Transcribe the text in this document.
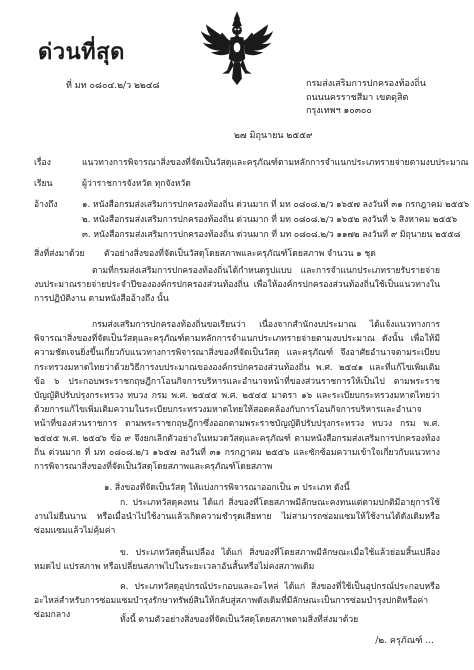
ด่วนที่สุด
ที่ มท ๐๘๐๔.๒/ว ๒๒๔๘	กรมส่งเสริมการปกครองท้องถิ่น
ถนนนครราชสีมา เขตดุสิต
กรุงเทพฯ ๑๐๓๐๐
๒๗ มิถุนายน ๒๕๕๙
เรื่อง	แนวทางการพิจารณาสิ่งของที่จัดเป็นวัสดุและครุภัณฑ์ตามหลักการจำแนกประเภทรายจ่ายตามงบประมาณ
เรียน	ผู้ว่าราชการจังหวัด ทุกจังหวัด
อ้างถึง	๑. หนังสือกรมส่งเสริมการปกครองท้องถิ่น ด่วนมาก ที่ มท ๐๘๐๘.๒/ว ๑๖๕๗ ลงวันที่ ๓๑ กรกฎาคม ๒๕๕๖
๒. หนังสือกรมส่งเสริมการปกครองท้องถิ่น ด่วนมาก ที่ มท ๐๘๐๘.๒/ว ๑๖๕๒ ลงวันที่ ๖ สิงหาคม ๒๕๕๖
๓. หนังสือกรมส่งเสริมการปกครองท้องถิ่น ด่วนมาก ที่ มท ๐๘๐๘.๒/ว ๑๑๗๒ ลงวันที่ ๙ มิถุนายน ๒๕๕๘
สิ่งที่ส่งมาด้วย ตัวอย่างสิ่งของที่จัดเป็นวัสดุโดยสภาพและครุภัณฑ์โดยสภาพ จำนวน ๑ ชุด
ตามที่กรมส่งเสริมการปกครองท้องถิ่นได้กำหนดรูปแบบ และการจำแนกประเภทรายรับรายจ่ายงบประมาณรายจ่ายประจำปีขององค์กรปกครองส่วนท้องถิ่น เพื่อให้องค์กรปกครองส่วนท้องถิ่นใช้เป็นแนวทางในการปฏิบัติงาน ตามหนังสืออ้างถึง นั้น
กรมส่งเสริมการปกครองท้องถิ่นขอเรียนว่า เนื่องจากสำนักงบประมาณ ได้แจ้งแนวทางการพิจารณาสิ่งของที่จัดเป็นวัสดุและครุภัณฑ์ตามหลักการจำแนกประเภทรายจ่ายตามงบประมาณ ดังนั้น เพื่อให้มีความชัดเจนยิ่งขึ้นเกี่ยวกับแนวทางการพิจารณาสิ่งของที่จัดเป็นวัสดุ และครุภัณฑ์ จึงอาศัยอำนาจตามระเบียบกระทรวงมหาดไทยว่าด้วยวิธีการงบประมาณขององค์กรปกครองส่วนท้องถิ่น พ.ศ. ๒๕๔๑ และที่แก้ไขเพิ่มเติม ข้อ ๖ ประกอบพระราชกฤษฎีกาโอนกิจการบริหารและอำนาจหน้าที่ของส่วนราชการให้เป็นไป ตามพระราชบัญญัติปรับปรุงกระทรวง ทบวง กรม พ.ศ. ๒๕๔๕ พ.ศ. ๒๕๔๕ มาตรา ๑๖ และระเบียบกระทรวงมหาดไทยว่าด้วยการแก้ไขเพิ่มเติมความในระเบียบกระทรวงมหาดไทยให้สอดคล้องกับการโอนกิจการบริหารและอำนาจหน้าที่ของส่วนราชการ ตามพระราชกฤษฎีกาซึ่งออกตามพระราชบัญญัติปรับปรุงกระทรวง ทบวง กรม พ.ศ. ๒๕๔๕ พ.ศ. ๒๕๔๖ ข้อ ๙ จึงยกเลิกตัวอย่างในหมวดวัสดุและครุภัณฑ์ ตามหนังสือกรมส่งเสริมการปกครองท้องถิ่น ด่วนมาก ที่ มท ๐๘๐๘.๒/ว ๑๖๕๗ ลงวันที่ ๓๑ กรกฎาคม ๒๕๕๖ และซักซ้อมความเข้าใจเกี่ยวกับแนวทางการพิจารณาสิ่งของที่จัดเป็นวัสดุโดยสภาพและครุภัณฑ์โดยสภาพ
๑. สิ่งของที่จัดเป็นวัสดุ ให้แบ่งการพิจารณาออกเป็น ๓ ประเภท ดังนี้
ก. ประเภทวัสดุคงทน ได้แก่ สิ่งของที่โดยสภาพมีลักษณะคงทนแต่ตามปกติมีอายุการใช้งานไม่ยืนนาน หรือเมื่อนำไปใช้งานแล้วเกิดความชำรุดเสียหาย ไม่สามารถซ่อมแซมให้ใช้งานได้ดังเดิมหรือซ่อมแซมแล้วไม่คุ้มค่า
ข. ประเภทวัสดุสิ้นเปลือง ได้แก่ สิ่งของที่โดยสภาพมีลักษณะเมื่อใช้แล้วย่อมสิ้นเปลืองหมดไป แปรสภาพ หรือเปลี่ยนสภาพไปในระยะเวลาอันสั้นหรือไม่คงสภาพเดิม
ค. ประเภทวัสดุอุปกรณ์ประกอบและอะไหล่ ได้แก่ สิ่งของที่ใช้เป็นอุปกรณ์ประกอบหรืออะไหล่สำหรับการซ่อมแซมบำรุงรักษาทรัพย์สินให้กลับสู่สภาพดังเดิมที่มีลักษณะเป็นการซ่อมบำรุงปกติหรือค่าซ่อมกลาง	ทั้งนี้ ตามตัวอย่างสิ่งของที่จัดเป็นวัสดุโดยสภาพตามสิ่งที่ส่งมาด้วย
/๒. ครุภัณฑ์ ...
